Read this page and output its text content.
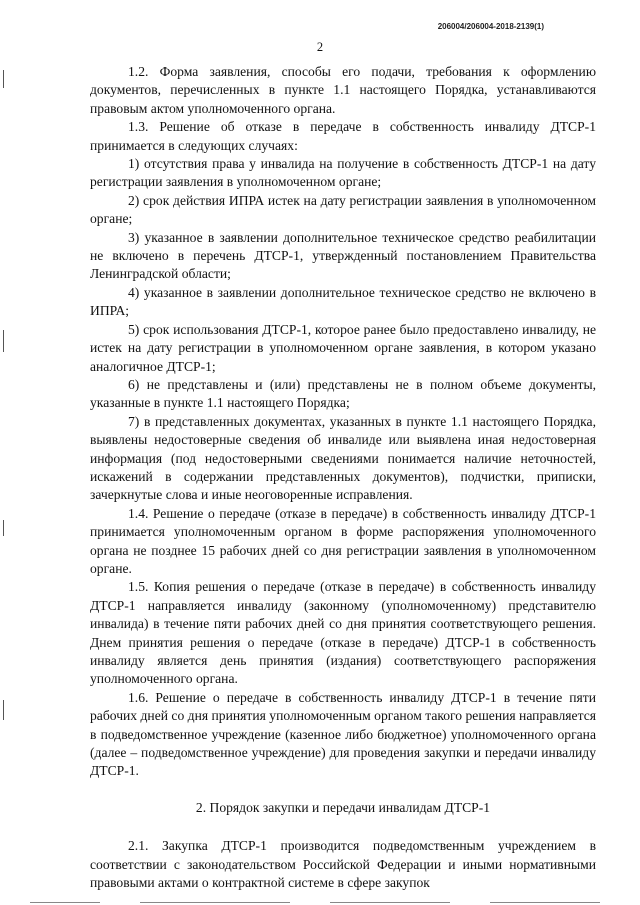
206004/206004-2018-2139(1)
2

1.2. Форма заявления, способы его подачи, требования к оформлению документов, перечисленных в пункте 1.1 настоящего Порядка, устанавливаются правовым актом уполномоченного органа.

1.3. Решение об отказе в передаче в собственность инвалиду ДТСР-1 принимается в следующих случаях:

1) отсутствия права у инвалида на получение в собственность ДТСР-1 на дату регистрации заявления в уполномоченном органе;

2) срок действия ИПРА истек на дату регистрации заявления в уполномоченном органе;

3) указанное в заявлении дополнительное техническое средство реабилитации не включено в перечень ДТСР-1, утвержденный постановлением Правительства Ленинградской области;

4) указанное в заявлении дополнительное техническое средство не включено в ИПРА;

5) срок использования ДТСР-1, которое ранее было предоставлено инвалиду, не истек на дату регистрации в уполномоченном органе заявления, в котором указано аналогичное ДТСР-1;

6) не представлены и (или) представлены не в полном объеме документы, указанные в пункте 1.1 настоящего Порядка;

7) в представленных документах, указанных в пункте 1.1 настоящего Порядка, выявлены недостоверные сведения об инвалиде или выявлена иная недостоверная информация (под недостоверными сведениями понимается наличие неточностей, искажений в содержании представленных документов), подчистки, приписки, зачеркнутые слова и иные неоговоренные исправления.

1.4. Решение о передаче (отказе в передаче) в собственность инвалиду ДТСР-1 принимается уполномоченным органом в форме распоряжения уполномоченного органа не позднее 15 рабочих дней со дня регистрации заявления в уполномоченном органе.

1.5. Копия решения о передаче (отказе в передаче) в собственность инвалиду ДТСР-1 направляется инвалиду (законному (уполномоченному) представителю инвалида) в течение пяти рабочих дней со дня принятия соответствующего решения. Днем принятия решения о передаче (отказе в передаче) ДТСР-1 в собственность инвалиду является день принятия (издания) соответствующего распоряжения уполномоченного органа.

1.6. Решение о передаче в собственность инвалиду ДТСР-1 в течение пяти рабочих дней со дня принятия уполномоченным органом такого решения направляется в подведомственное учреждение (казенное либо бюджетное) уполномоченного органа (далее – подведомственное учреждение) для проведения закупки и передачи инвалиду ДТСР-1.

2. Порядок закупки и передачи инвалидам ДТСР-1

2.1. Закупка ДТСР-1 производится подведомственным учреждением в соответствии с законодательством Российской Федерации и иными нормативными правовыми актами о контрактной системе в сфере закупок
